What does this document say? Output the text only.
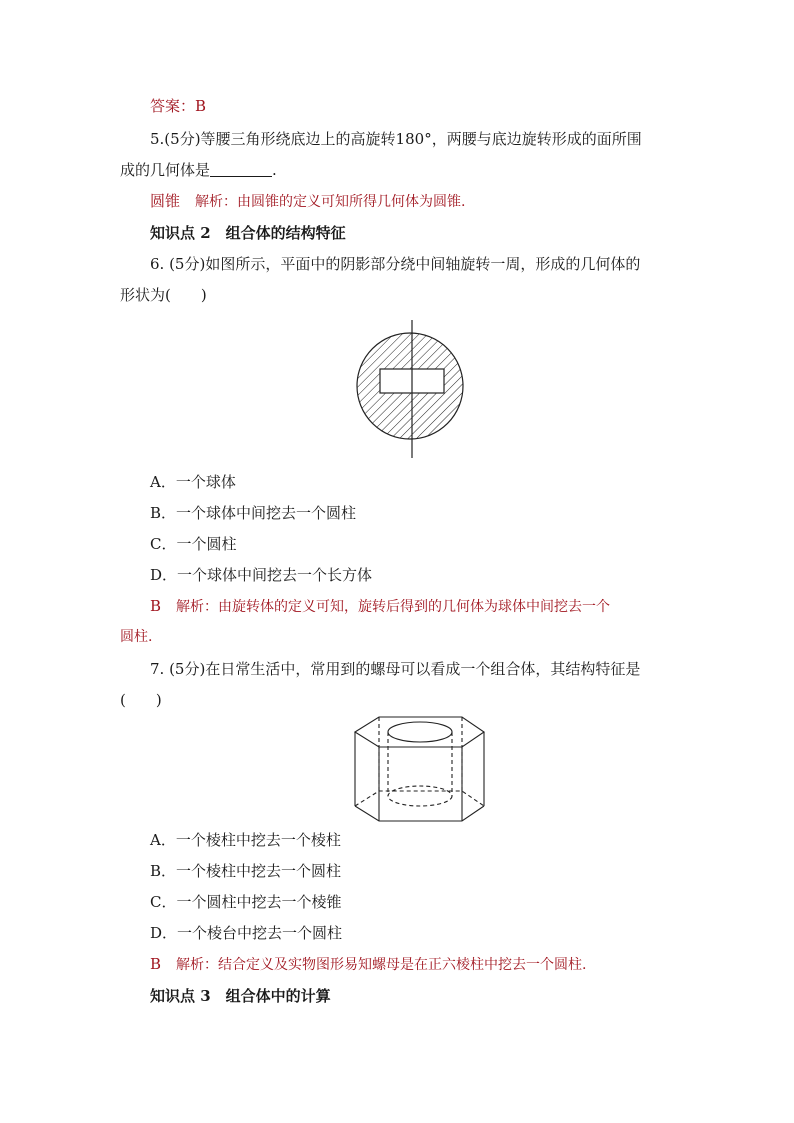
答案：B
5.(5分)等腰三角形绕底边上的高旋转180°，两腰与底边旋转形成的面所围
成的几何体是	.
圆锥　 解析：由圆锥的定义可知所得几何体为圆锥.
知识点 2　组合体的结构特征
6. (5分)如图所示，平面中的阴影部分绕中间轴旋转一周，形成的几何体的
形状为(　　)
A．一个球体
B．一个球体中间挖去一个圆柱
C．一个圆柱
D．一个球体中间挖去一个长方体
B　 解析：由旋转体的定义可知，旋转后得到的几何体为球体中间挖去一个
圆柱.
7. (5分)在日常生活中，常用到的螺母可以看成一个组合体，其结构特征是
(　　)
A．一个棱柱中挖去一个棱柱
B．一个棱柱中挖去一个圆柱
C．一个圆柱中挖去一个棱锥
D．一个棱台中挖去一个圆柱
B　 解析：结合定义及实物图形易知螺母是在正六棱柱中挖去一个圆柱.
知识点 3　组合体中的计算
